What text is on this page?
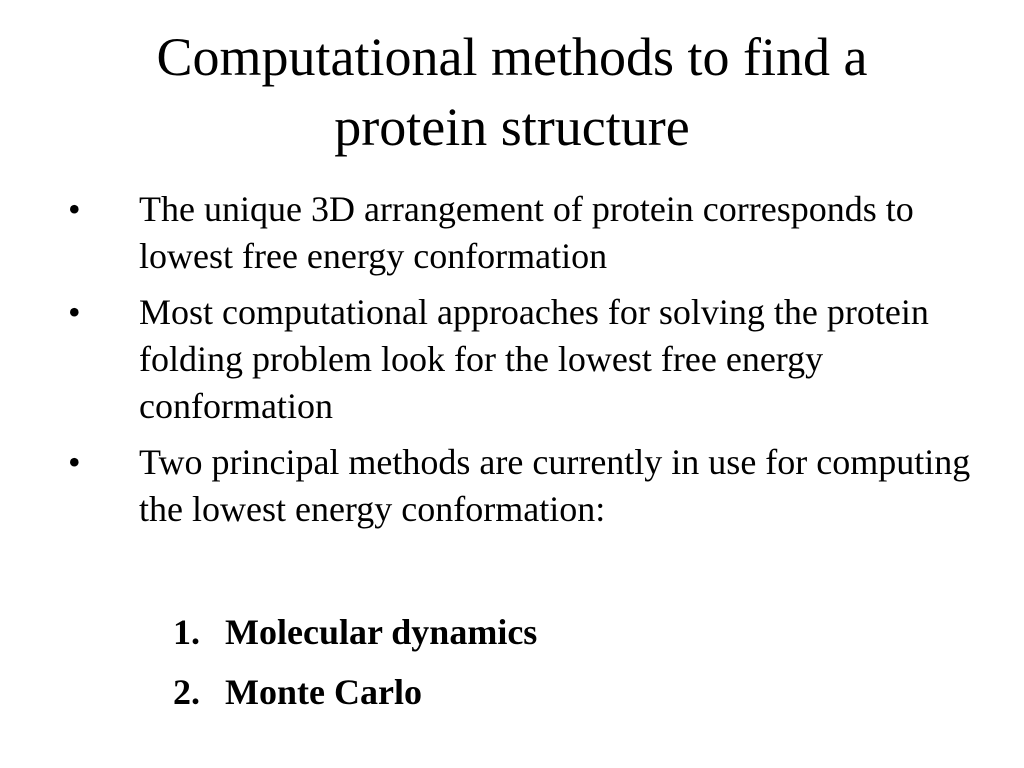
Computational methods to find a
protein structure
• The unique 3D arrangement of protein corresponds to lowest free energy conformation
• Most computational approaches for solving the protein folding problem look for the lowest free energy conformation
• Two principal methods are currently in use for computing the lowest energy conformation:
1. Molecular dynamics
2. Monte Carlo
